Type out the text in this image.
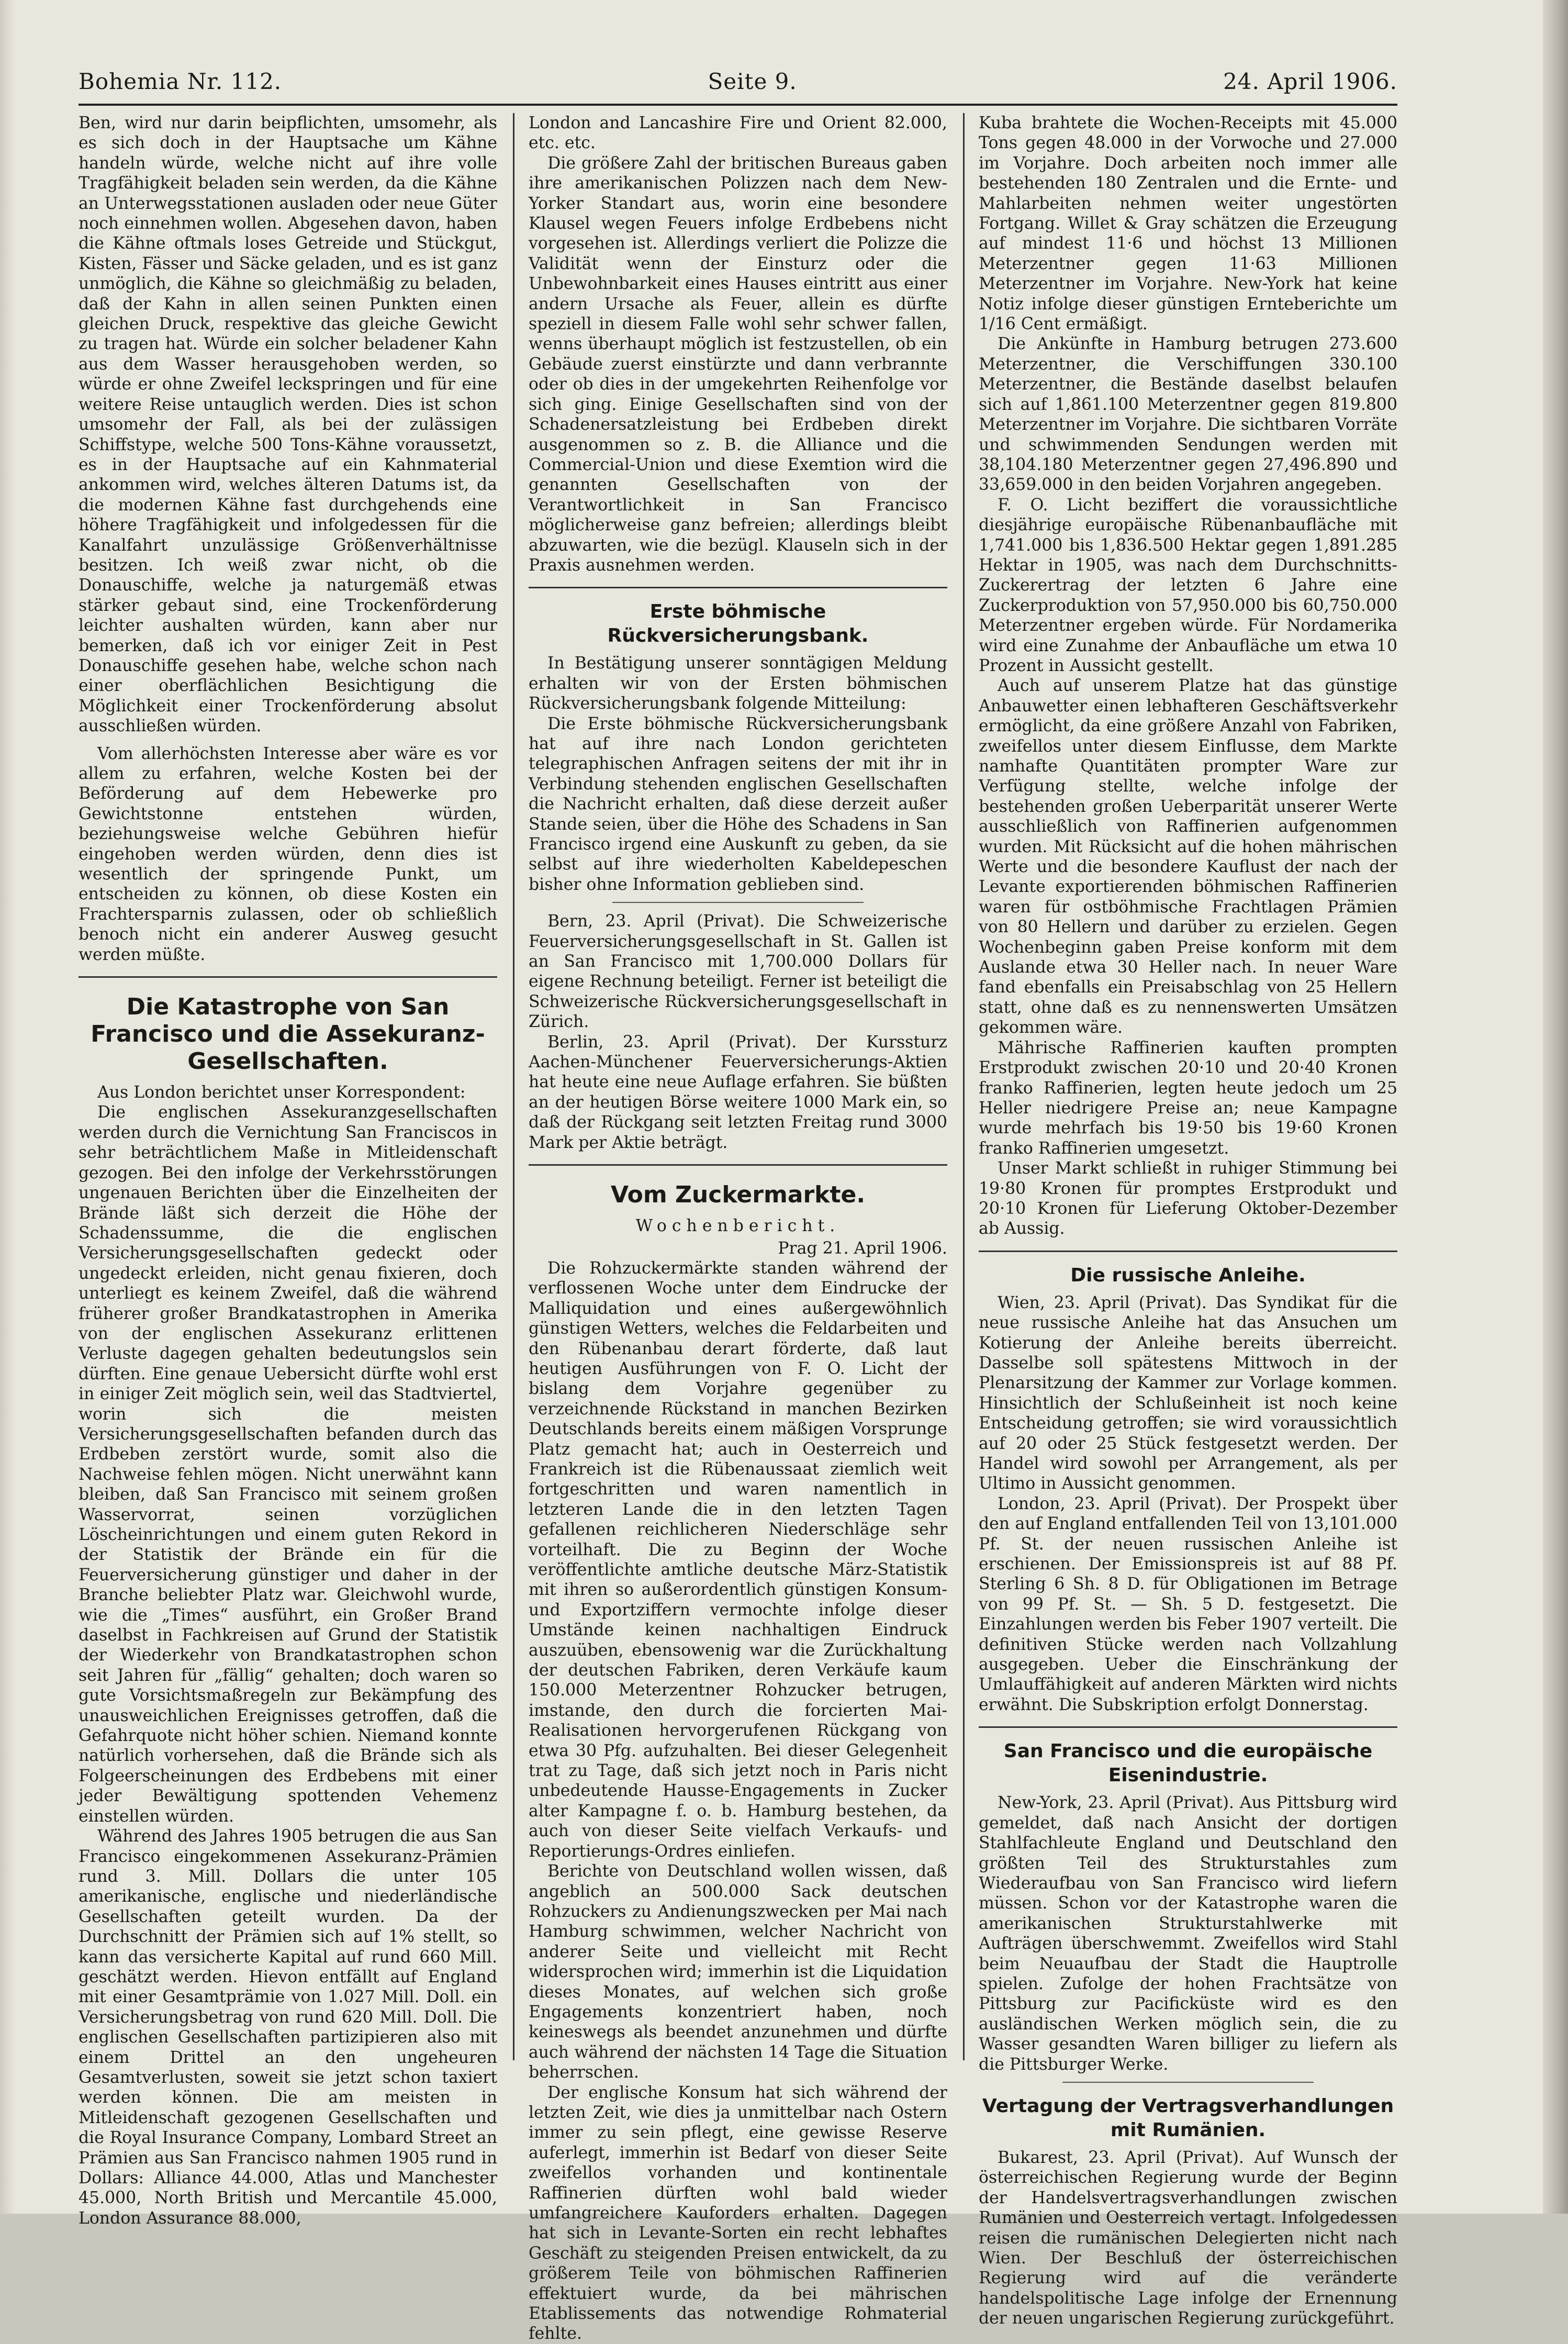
Bohemia Nr. 112.	Seite 9.	24. April 1906.

Ben, wird nur darin beipflichten, umsomehr, als es sich doch in der Hauptsache um Kähne handeln würde, welche nicht auf ihre volle Tragfähigkeit beladen sein werden, da die Kähne an Unterwegsstationen ausladen oder neue Güter noch einnehmen wollen. Abgesehen davon, haben die Kähne oftmals loses Getreide und Stückgut, Kisten, Fässer und Säcke geladen, und es ist ganz unmöglich, die Kähne so gleichmäßig zu beladen, daß der Kahn in allen seinen Punkten einen gleichen Druck, respektive das gleiche Gewicht zu tragen hat. Würde ein solcher beladener Kahn aus dem Wasser herausgehoben werden, so würde er ohne Zweifel leckspringen und für eine weitere Reise untauglich werden. Dies ist schon umsomehr der Fall, als bei der zulässigen Schiffstype, welche 500 Tons-Kähne voraussetzt, es in der Hauptsache auf ein Kahnmaterial ankommen wird, welches älteren Datums ist, da die modernen Kähne fast durchgehends eine höhere Tragfähigkeit und infolgedessen für die Kanalfahrt unzulässige Größenverhältnisse besitzen. Ich weiß zwar nicht, ob die Donauschiffe, welche ja naturgemäß etwas stärker gebaut sind, eine Trockenförderung leichter aushalten würden, kann aber nur bemerken, daß ich vor einiger Zeit in Pest Donauschiffe gesehen habe, welche schon nach einer oberflächlichen Besichtigung die Möglichkeit einer Trockenförderung absolut ausschließen würden.

Vom allerhöchsten Interesse aber wäre es vor allem zu erfahren, welche Kosten bei der Beförderung auf dem Hebewerke pro Gewichtstonne entstehen würden, beziehungsweise welche Gebühren hiefür eingehoben werden würden, denn dies ist wesentlich der springende Punkt, um entscheiden zu können, ob diese Kosten ein Frachtersparnis zulassen, oder ob schließlich benoch nicht ein anderer Ausweg gesucht werden müßte.

Die Katastrophe von San Francisco und die Assekuranz-Gesellschaften.

Aus London berichtet unser Korrespondent:

Die englischen Assekuranzgesellschaften werden durch die Vernichtung San Franciscos in sehr beträchtlichem Maße in Mitleidenschaft gezogen. Bei den infolge der Verkehrsstörungen ungenauen Berichten über die Einzelheiten der Brände läßt sich derzeit die Höhe der Schadenssumme, die die englischen Versicherungsgesellschaften gedeckt oder ungedeckt erleiden, nicht genau fixieren, doch unterliegt es keinem Zweifel, daß die während früherer großer Brandkatastrophen in Amerika von der englischen Assekuranz erlittenen Verluste dagegen gehalten bedeutungslos sein dürften. Eine genaue Uebersicht dürfte wohl erst in einiger Zeit möglich sein, weil das Stadtviertel, worin sich die meisten Versicherungsgesellschaften befanden durch das Erdbeben zerstört wurde, somit also die Nachweise fehlen mögen. Nicht unerwähnt kann bleiben, daß San Francisco mit seinem großen Wasservorrat, seinen vorzüglichen Löscheinrichtungen und einem guten Rekord in der Statistik der Brände ein für die Feuerversicherung günstiger und daher in der Branche beliebter Platz war. Gleichwohl wurde, wie die „Times“ ausführt, ein Großer Brand daselbst in Fachkreisen auf Grund der Statistik der Wiederkehr von Brandkatastrophen schon seit Jahren für „fällig“ gehalten; doch waren so gute Vorsichtsmaßregeln zur Bekämpfung des unausweichlichen Ereignisses getroffen, daß die Gefahrquote nicht höher schien. Niemand konnte natürlich vorhersehen, daß die Brände sich als Folgeerscheinungen des Erdbebens mit einer jeder Bewältigung spottenden Vehemenz einstellen würden.

Während des Jahres 1905 betrugen die aus San Francisco eingekommenen Assekuranz-Prämien rund 3. Mill. Dollars die unter 105 amerikanische, englische und niederländische Gesellschaften geteilt wurden. Da der Durchschnitt der Prämien sich auf 1% stellt, so kann das versicherte Kapital auf rund 660 Mill. geschätzt werden. Hievon entfällt auf England mit einer Gesamtprämie von 1.027 Mill. Doll. ein Versicherungsbetrag von rund 620 Mill. Doll. Die englischen Gesellschaften partizipieren also mit einem Drittel an den ungeheuren Gesamtverlusten, soweit sie jetzt schon taxiert werden können. Die am meisten in Mitleidenschaft gezogenen Gesellschaften und die Royal Insurance Company, Lombard Street an Prämien aus San Francisco nahmen 1905 rund in Dollars: Alliance 44.000, Atlas und Manchester 45.000, North British und Mercantile 45.000, London Assurance 88.000,

London and Lancashire Fire und Orient 82.000, etc. etc.

Die größere Zahl der britischen Bureaus gaben ihre amerikanischen Polizzen nach dem New-Yorker Standart aus, worin eine besondere Klausel wegen Feuers infolge Erdbebens nicht vorgesehen ist. Allerdings verliert die Polizze die Validität wenn der Einsturz oder die Unbewohnbarkeit eines Hauses eintritt aus einer andern Ursache als Feuer, allein es dürfte speziell in diesem Falle wohl sehr schwer fallen, wenns überhaupt möglich ist festzustellen, ob ein Gebäude zuerst einstürzte und dann verbrannte oder ob dies in der umgekehrten Reihenfolge vor sich ging. Einige Gesellschaften sind von der Schadenersatzleistung bei Erdbeben direkt ausgenommen so z. B. die Alliance und die Commercial-Union und diese Exemtion wird die genannten Gesellschaften von der Verantwortlichkeit in San Francisco möglicherweise ganz befreien; allerdings bleibt abzuwarten, wie die bezügl. Klauseln sich in der Praxis ausnehmen werden.

Erste böhmische Rückversicherungsbank.

In Bestätigung unserer sonntägigen Meldung erhalten wir von der Ersten böhmischen Rückversicherungsbank folgende Mitteilung:

Die Erste böhmische Rückversicherungsbank hat auf ihre nach London gerichteten telegraphischen Anfragen seitens der mit ihr in Verbindung stehenden englischen Gesellschaften die Nachricht erhalten, daß diese derzeit außer Stande seien, über die Höhe des Schadens in San Francisco irgend eine Auskunft zu geben, da sie selbst auf ihre wiederholten Kabeldepeschen bisher ohne Information geblieben sind.

Bern, 23. April (Privat). Die Schweizerische Feuerversicherungsgesellschaft in St. Gallen ist an San Francisco mit 1,700.000 Dollars für eigene Rechnung beteiligt. Ferner ist beteiligt die Schweizerische Rückversicherungsgesellschaft in Zürich.

Berlin, 23. April (Privat). Der Kurssturz Aachen-Münchener Feuerversicherungs-Aktien hat heute eine neue Auflage erfahren. Sie büßten an der heutigen Börse weitere 1000 Mark ein, so daß der Rückgang seit letzten Freitag rund 3000 Mark per Aktie beträgt.

Vom Zuckermarkte.
Wochenbericht.
Prag 21. April 1906.

Die Rohzuckermärkte standen während der verflossenen Woche unter dem Eindrucke der Malliquidation und eines außergewöhnlich günstigen Wetters, welches die Feldarbeiten und den Rübenanbau derart förderte, daß laut heutigen Ausführungen von F. O. Licht der bislang dem Vorjahre gegenüber zu verzeichnende Rückstand in manchen Bezirken Deutschlands bereits einem mäßigen Vorsprunge Platz gemacht hat; auch in Oesterreich und Frankreich ist die Rübenaussaat ziemlich weit fortgeschritten und waren namentlich in letzteren Lande die in den letzten Tagen gefallenen reichlicheren Niederschläge sehr vorteilhaft. Die zu Beginn der Woche veröffentlichte amtliche deutsche März-Statistik mit ihren so außerordentlich günstigen Konsum- und Exportziffern vermochte infolge dieser Umstände keinen nachhaltigen Eindruck auszuüben, ebensowenig war die Zurückhaltung der deutschen Fabriken, deren Verkäufe kaum 150.000 Meterzentner Rohzucker betrugen, imstande, den durch die forcierten Mai-Realisationen hervorgerufenen Rückgang von etwa 30 Pfg. aufzuhalten. Bei dieser Gelegenheit trat zu Tage, daß sich jetzt noch in Paris nicht unbedeutende Hausse-Engagements in Zucker alter Kampagne f. o. b. Hamburg bestehen, da auch von dieser Seite vielfach Verkaufs- und Reportierungs-Ordres einliefen.

Berichte von Deutschland wollen wissen, daß angeblich an 500.000 Sack deutschen Rohzuckers zu Andienungszwecken per Mai nach Hamburg schwimmen, welcher Nachricht von anderer Seite und vielleicht mit Recht widersprochen wird; immerhin ist die Liquidation dieses Monates, auf welchen sich große Engagements konzentriert haben, noch keineswegs als beendet anzunehmen und dürfte auch während der nächsten 14 Tage die Situation beherrschen.

Der englische Konsum hat sich während der letzten Zeit, wie dies ja unmittelbar nach Ostern immer zu sein pflegt, eine gewisse Reserve auferlegt, immerhin ist Bedarf von dieser Seite zweifellos vorhanden und kontinentale Raffinerien dürften wohl bald wieder umfangreichere Kauforders erhalten. Dagegen hat sich in Levante-Sorten ein recht lebhaftes Geschäft zu steigenden Preisen entwickelt, da zu größerem Teile von böhmischen Raffinerien effektuiert wurde, da bei mährischen Etablissements das notwendige Rohmaterial fehlte.

Kuba brahtete die Wochen-Receipts mit 45.000 Tons gegen 48.000 in der Vorwoche und 27.000 im Vorjahre. Doch arbeiten noch immer alle bestehenden 180 Zentralen und die Ernte- und Mahlarbeiten nehmen weiter ungestörten Fortgang. Willet & Gray schätzen die Erzeugung auf mindest 11·6 und höchst 13 Millionen Meterzentner gegen 11·63 Millionen Meterzentner im Vorjahre. New-York hat keine Notiz infolge dieser günstigen Ernteberichte um 1/16 Cent ermäßigt.

Die Ankünfte in Hamburg betrugen 273.600 Meterzentner, die Verschiffungen 330.100 Meterzentner, die Bestände daselbst belaufen sich auf 1,861.100 Meterzentner gegen 819.800 Meterzentner im Vorjahre. Die sichtbaren Vorräte und schwimmenden Sendungen werden mit 38,104.180 Meterzentner gegen 27,496.890 und 33,659.000 in den beiden Vorjahren angegeben.

F. O. Licht beziffert die voraussichtliche diesjährige europäische Rübenanbaufläche mit 1,741.000 bis 1,836.500 Hektar gegen 1,891.285 Hektar in 1905, was nach dem Durchschnitts-Zuckerertrag der letzten 6 Jahre eine Zuckerproduktion von 57,950.000 bis 60,750.000 Meterzentner ergeben würde. Für Nordamerika wird eine Zunahme der Anbaufläche um etwa 10 Prozent in Aussicht gestellt.

Auch auf unserem Platze hat das günstige Anbauwetter einen lebhafteren Geschäftsverkehr ermöglicht, da eine größere Anzahl von Fabriken, zweifellos unter diesem Einflusse, dem Markte namhafte Quantitäten prompter Ware zur Verfügung stellte, welche infolge der bestehenden großen Ueberparität unserer Werte ausschließlich von Raffinerien aufgenommen wurden. Mit Rücksicht auf die hohen mährischen Werte und die besondere Kauflust der nach der Levante exportierenden böhmischen Raffinerien waren für ostböhmische Frachtlagen Prämien von 80 Hellern und darüber zu erzielen. Gegen Wochenbeginn gaben Preise konform mit dem Auslande etwa 30 Heller nach. In neuer Ware fand ebenfalls ein Preisabschlag von 25 Hellern statt, ohne daß es zu nennenswerten Umsätzen gekommen wäre.

Mährische Raffinerien kauften prompten Erstprodukt zwischen 20·10 und 20·40 Kronen franko Raffinerien, legten heute jedoch um 25 Heller niedrigere Preise an; neue Kampagne wurde mehrfach bis 19·50 bis 19·60 Kronen franko Raffinerien umgesetzt.

Unser Markt schließt in ruhiger Stimmung bei 19·80 Kronen für promptes Erstprodukt und 20·10 Kronen für Lieferung Oktober-Dezember ab Aussig.

Die russische Anleihe.

Wien, 23. April (Privat). Das Syndikat für die neue russische Anleihe hat das Ansuchen um Kotierung der Anleihe bereits überreicht. Dasselbe soll spätestens Mittwoch in der Plenarsitzung der Kammer zur Vorlage kommen. Hinsichtlich der Schlußeinheit ist noch keine Entscheidung getroffen; sie wird voraussichtlich auf 20 oder 25 Stück festgesetzt werden. Der Handel wird sowohl per Arrangement, als per Ultimo in Aussicht genommen.

London, 23. April (Privat). Der Prospekt über den auf England entfallenden Teil von 13,101.000 Pf. St. der neuen russischen Anleihe ist erschienen. Der Emissionspreis ist auf 88 Pf. Sterling 6 Sh. 8 D. für Obligationen im Betrage von 99 Pf. St. — Sh. 5 D. festgesetzt. Die Einzahlungen werden bis Feber 1907 verteilt. Die definitiven Stücke werden nach Vollzahlung ausgegeben. Ueber die Einschränkung der Umlauffähigkeit auf anderen Märkten wird nichts erwähnt. Die Subskription erfolgt Donnerstag.

San Francisco und die europäische Eisenindustrie.

New-York, 23. April (Privat). Aus Pittsburg wird gemeldet, daß nach Ansicht der dortigen Stahlfachleute England und Deutschland den größten Teil des Strukturstahles zum Wiederaufbau von San Francisco wird liefern müssen. Schon vor der Katastrophe waren die amerikanischen Strukturstahlwerke mit Aufträgen überschwemmt. Zweifellos wird Stahl beim Neuaufbau der Stadt die Hauptrolle spielen. Zufolge der hohen Frachtsätze von Pittsburg zur Pacificküste wird es den ausländischen Werken möglich sein, die zu Wasser gesandten Waren billiger zu liefern als die Pittsburger Werke.

Vertagung der Vertragsverhandlungen mit Rumänien.

Bukarest, 23. April (Privat). Auf Wunsch der österreichischen Regierung wurde der Beginn der Handelsvertragsverhandlungen zwischen Rumänien und Oesterreich vertagt. Infolgedessen reisen die rumänischen Delegierten nicht nach Wien. Der Beschluß der österreichischen Regierung wird auf die veränderte handelspolitische Lage infolge der Ernennung der neuen ungarischen Regierung zurückgeführt.
